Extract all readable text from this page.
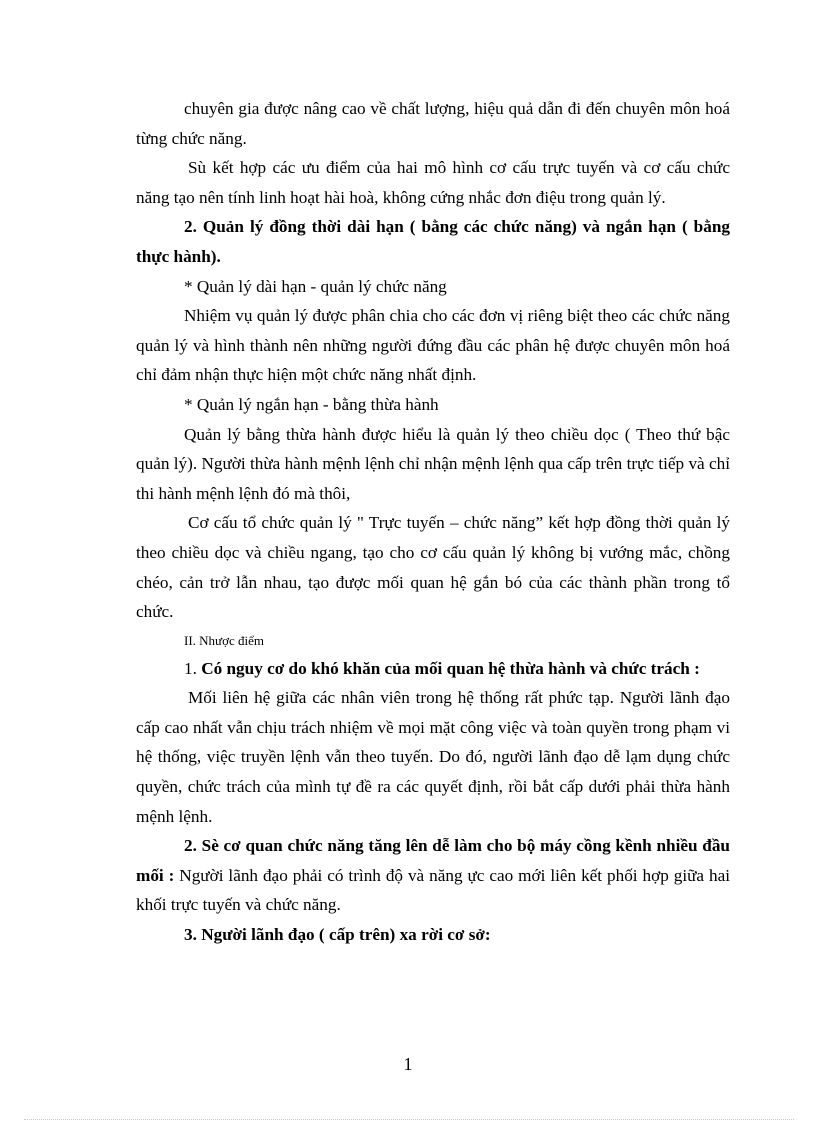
chuyên gia được nâng cao về chất lượng, hiệu quả dẫn đi đến chuyên môn hoá từng chức năng.

Sù kết hợp các ưu điểm của hai mô hình cơ cấu trực tuyến và cơ cấu chức năng tạo nên tính linh hoạt hài hoà, không cứng nhắc đơn điệu trong quản lý.

2. Quản lý đồng thời dài hạn ( bằng các chức năng) và ngắn hạn ( bằng thực hành).

* Quản lý dài hạn - quản lý chức năng

Nhiệm vụ quản lý được phân chia cho các đơn vị riêng biệt theo các chức năng quản lý và hình thành nên những người đứng đầu các phân hệ được chuyên môn hoá chỉ đảm nhận thực hiện một chức năng nhất định.

* Quản lý ngắn hạn - bằng thừa hành

Quản lý bằng thừa hành được hiểu là quản lý theo chiều dọc ( Theo thứ bậc quản lý). Người thừa hành mệnh lệnh chỉ nhận mệnh lệnh qua cấp trên trực tiếp và chỉ thi hành mệnh lệnh đó mà thôi,

Cơ cấu tổ chức quản lý " Trực tuyến – chức năng” kết hợp đồng thời quản lý theo chiều dọc và chiều ngang, tạo cho cơ cấu quản lý không bị vướng mắc, chồng chéo, cản trở lẫn nhau, tạo được mối quan hệ gắn bó của các thành phần trong tổ chức.

II. Nhược điểm

1. Có nguy cơ do khó khăn của mối quan hệ thừa hành và chức trách :

Mối liên hệ giữa các nhân viên trong hệ thống rất phức tạp. Người lãnh đạo cấp cao nhất vẫn chịu trách nhiệm về mọi mặt công việc và toàn quyền trong phạm vi hệ thống, việc truyền lệnh vẫn theo tuyến. Do đó, người lãnh đạo dễ lạm dụng chức quyền, chức trách của mình tự đề ra các quyết định, rồi bắt cấp dưới phải thừa hành mệnh lệnh.

2. Sè cơ quan chức năng tăng lên dễ làm cho bộ máy cồng kềnh nhiều đầu mối : Người lãnh đạo phải có trình độ và năng ực cao mới liên kết phối hợp giữa hai khối trực tuyến và chức năng.

3. Người lãnh đạo ( cấp trên) xa rời cơ sở:

1
